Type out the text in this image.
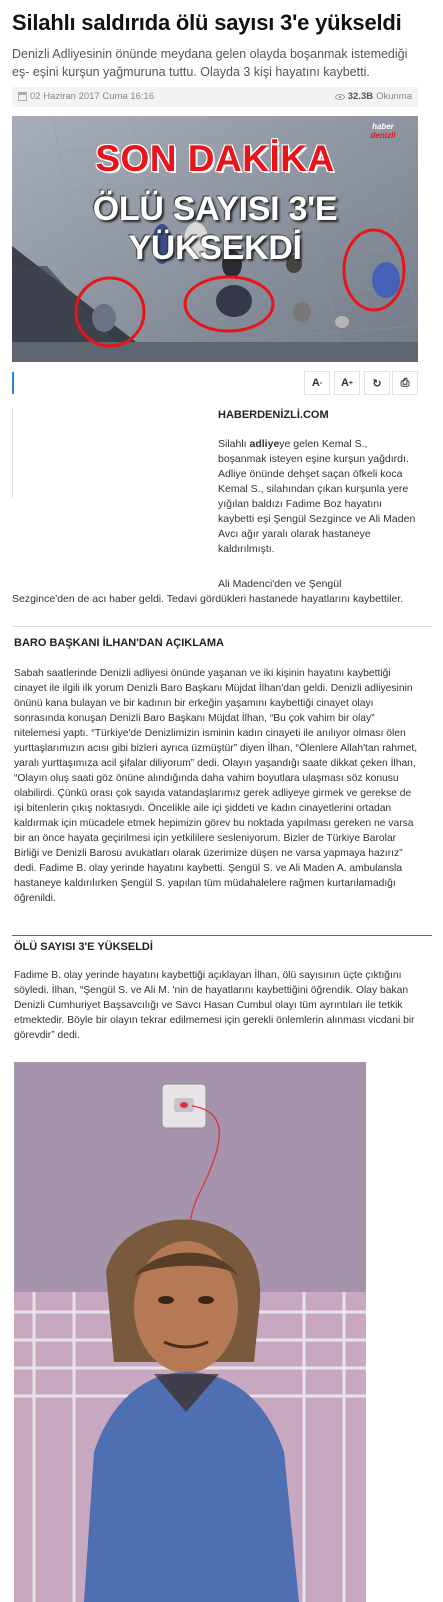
Silahlı saldırıda ölü sayısı 3'e yükseldi

Denizli Adliyesinin önünde meydana gelen olayda boşanmak istemediği eş- eşini kurşun yağmuruna tuttu. Olayda 3 kişi hayatını kaybetti.

02 Haziran 2017 Cuma 16:16	32.3B Okunma
SON DAKİKA
ÖLÜ SAYISI 3'E YÜKSEKDİ
haber
denizli
A - A + ↻ ⎙
HABERDENİZLİ.COM

Silahlı adliyeye gelen Kemal S., boşanmak isteyen eşine kurşun yağdırdı. Adliye önünde dehşet saçan öfkeli koca Kemal S., silahından çıkan kurşunla yere yığılan baldızı Fadime Boz hayatını kaybetti eşi Şengül Sezgince ve Ali Maden Avcı ağır yaralı olarak hastaneye kaldırılmıştı.

Ali Madenci'den ve Şengül

Sezgince'den de acı haber geldi. Tedavi gördükleri hastanede hayatlarını kaybettiler.

BARO BAŞKANI İLHAN'DAN AÇIKLAMA

Sabah saatlerinde Denizli adliyesi önünde yaşanan ve iki kişinin hayatını kaybettiği cinayet ile ilgili ilk yorum Denizli Baro Başkanı Müjdat İlhan'dan geldi. Denizli adliyesinin önünü kana bulayan ve bir kadının bir erkeğin yaşamını kaybettiği cinayet olayı sonrasında konuşan Denizli Baro Başkanı Müjdat İlhan, “Bu çok vahim bir olay” nitelemesi yaptı. “Türkiye'de Denizlimizin isminin kadın cinayeti ile anılıyor olması ölen yurttaşlarımızın acısı gibi bizleri ayrıca üzmüştür” diyen İlhan, “Ölenlere Allah'tan rahmet, yaralı yurttaşımıza acil şifalar diliyorum” dedi. Olayın yaşandığı saate dikkat çeken İlhan, “Olayın oluş saati göz önüne alındığında daha vahim boyutlara ulaşması söz konusu olabilirdi. Çünkü orası çok sayıda vatandaşlarımız gerek adliyeye girmek ve gerekse de işi bitenlerin çıkış noktasıydı. Öncelikle aile içi şiddeti ve kadın cinayetlerini ortadan kaldırmak için mücadele etmek hepimizin görev bu noktada yapılması gereken ne varsa bir an önce hayata geçirilmesi için yetkililere sesleniyorum. Bizler de Türkiye Barolar Birliği ve Denizli Barosu avukatları olarak üzerimize düşen ne varsa yapmaya hazırız” dedi. Fadime B. olay yerinde hayatını kaybetti. Şengül S. ve Ali Maden A. ambulansla hastaneye kaldırılırken Şengül S. yapılan tüm müdahalelere rağmen kurtarılamadığı öğrenildi.

ÖLÜ SAYISI 3'E YÜKSELDİ

Fadime B. olay yerinde hayatını kaybettiği açıklayan İlhan, ölü sayısının üçte çıktığını söyledi. İlhan, “Şengül S. ve Ali M. 'nin de hayatlarını kaybettiğini öğrendik. Olay bakan Denizli Cumhuriyet Başsavcılığı ve Savcı Hasan Cumbul olayı tüm ayrıntıları ile tetkik etmektedir. Böyle bir olayın tekrar edilmemesi için gerekli önlemlerin alınması vicdani bir görevdir” dedi.
